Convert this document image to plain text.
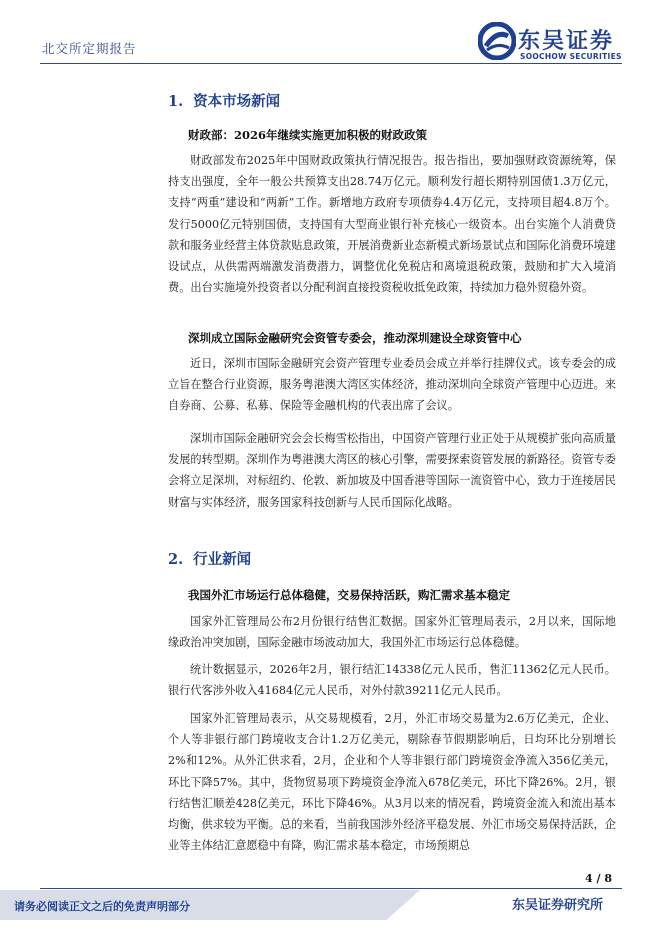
北交所定期报告	东吴证券
SOOCHOW SECURITIES
1. 资本市场新闻
财政部：2026年继续实施更加积极的财政政策
财政部发布2025年中国财政政策执行情况报告。报告指出，要加强财政资源统筹，保持支出强度，全年一般公共预算支出28.74万亿元。顺利发行超长期特别国债1.3万亿元，支持“两重”建设和“两新”工作。新增地方政府专项债券4.4万亿元，支持项目超4.8万个。发行5000亿元特别国债，支持国有大型商业银行补充核心一级资本。出台实施个人消费贷款和服务业经营主体贷款贴息政策，开展消费新业态新模式新场景试点和国际化消费环境建设试点，从供需两端激发消费潜力，调整优化免税店和离境退税政策，鼓励和扩大入境消费。出台实施境外投资者以分配利润直接投资税收抵免政策，持续加力稳外贸稳外资。
深圳成立国际金融研究会资管专委会，推动深圳建设全球资管中心
近日，深圳市国际金融研究会资产管理专业委员会成立并举行挂牌仪式。该专委会的成立旨在整合行业资源，服务粤港澳大湾区实体经济，推动深圳向全球资产管理中心迈进。来自券商、公募、私募、保险等金融机构的代表出席了会议。
深圳市国际金融研究会会长梅雪松指出，中国资产管理行业正处于从规模扩张向高质量发展的转型期。深圳作为粤港澳大湾区的核心引擎，需要探索资管发展的新路径。资管专委会将立足深圳，对标纽约、伦敦、新加坡及中国香港等国际一流资管中心，致力于连接居民财富与实体经济，服务国家科技创新与人民币国际化战略。
2. 行业新闻
我国外汇市场运行总体稳健，交易保持活跃，购汇需求基本稳定
国家外汇管理局公布2月份银行结售汇数据。国家外汇管理局表示，2月以来，国际地缘政治冲突加剧，国际金融市场波动加大，我国外汇市场运行总体稳健。
统计数据显示，2026年2月，银行结汇14338亿元人民币，售汇11362亿元人民币。银行代客涉外收入41684亿元人民币，对外付款39211亿元人民币。
国家外汇管理局表示，从交易规模看，2月，外汇市场交易量为2.6万亿美元，企业、个人等非银行部门跨境收支合计1.2万亿美元，剔除春节假期影响后，日均环比分别增长2%和12%。从外汇供求看，2月，企业和个人等非银行部门跨境资金净流入356亿美元，环比下降57%。其中，货物贸易项下跨境资金净流入678亿美元，环比下降26%。2月，银行结售汇顺差428亿美元，环比下降46%。从3月以来的情况看，跨境资金流入和流出基本均衡，供求较为平衡。总的来看，当前我国涉外经济平稳发展、外汇市场交易保持活跃，企业等主体结汇意愿稳中有降，购汇需求基本稳定，市场预期总
4 / 8
请务必阅读正文之后的免责声明部分	东吴证券研究所
